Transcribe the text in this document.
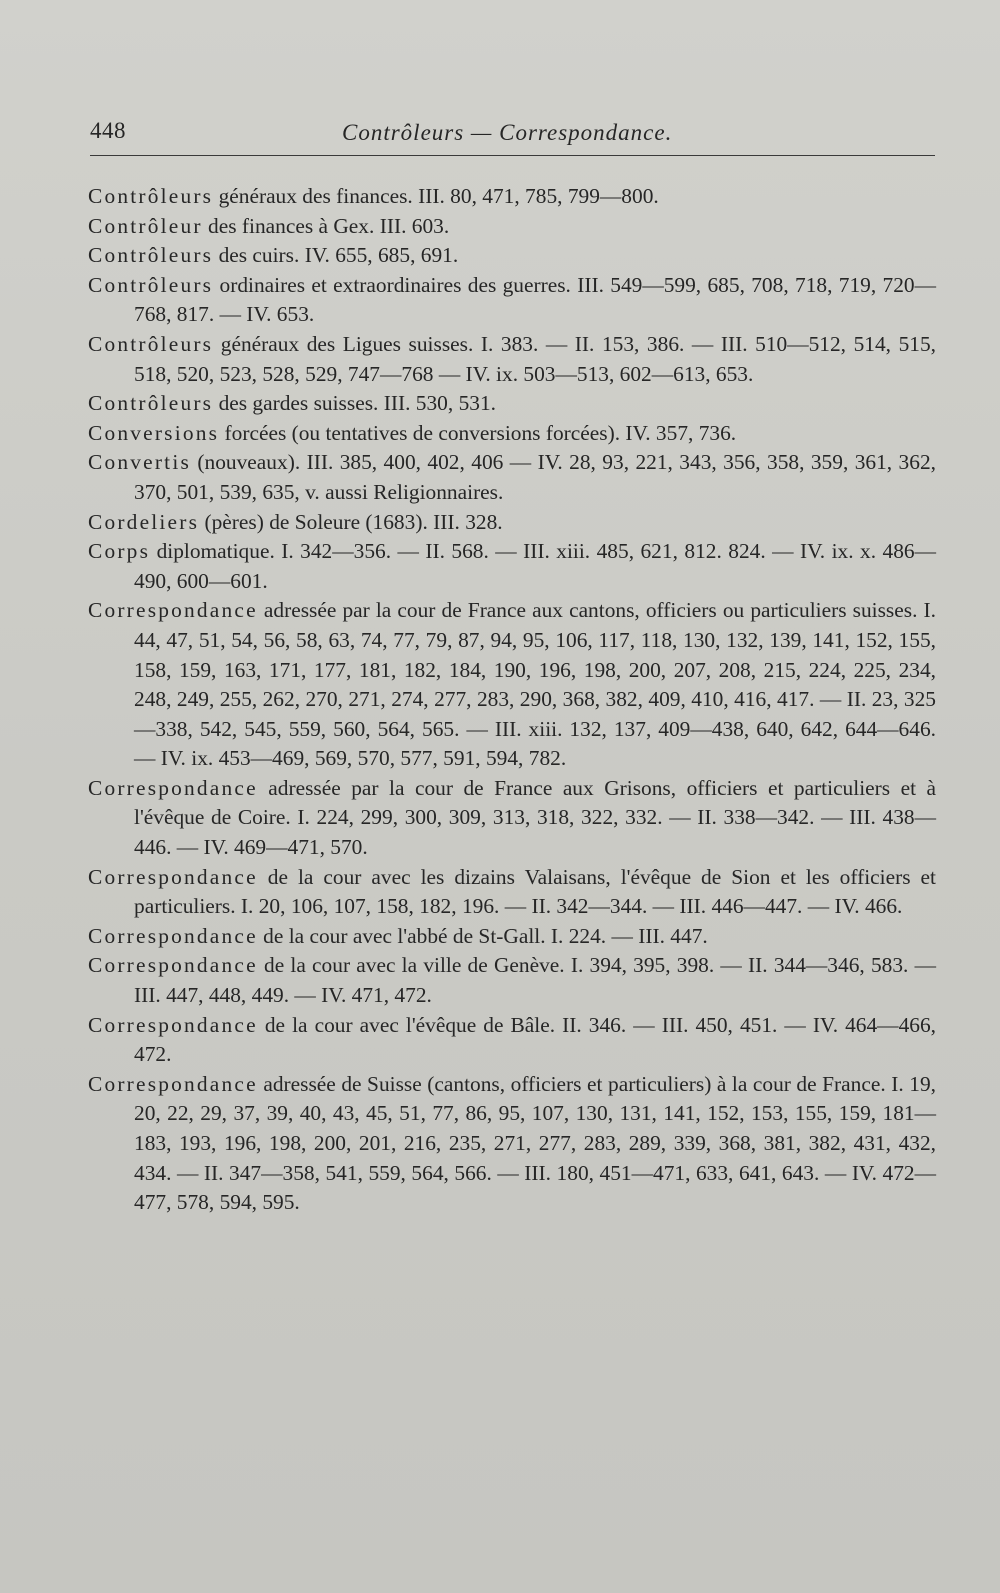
448	Contrôleurs — Correspondance.

Contrôleurs généraux des finances. III. 80, 471, 785, 799—800.

Contrôleur des finances à Gex. III. 603.

Contrôleurs des cuirs. IV. 655, 685, 691.

Contrôleurs ordinaires et extraordinaires des guerres. III. 549—599, 685, 708, 718, 719, 720—768, 817. — IV. 653.

Contrôleurs généraux des Ligues suisses. I. 383. — II. 153, 386. — III. 510—512, 514, 515, 518, 520, 523, 528, 529, 747—768 — IV. ix. 503—513, 602—613, 653.

Contrôleurs des gardes suisses. III. 530, 531.

Conversions forcées (ou tentatives de conversions forcées). IV. 357, 736.

Convertis (nouveaux). III. 385, 400, 402, 406 — IV. 28, 93, 221, 343, 356, 358, 359, 361, 362, 370, 501, 539, 635, v. aussi Religionnaires.

Cordeliers (pères) de Soleure (1683). III. 328.

Corps diplomatique. I. 342—356. — II. 568. — III. xiii. 485, 621, 812. 824. — IV. ix. x. 486—490, 600—601.

Correspondance adressée par la cour de France aux cantons, officiers ou particuliers suisses. I. 44, 47, 51, 54, 56, 58, 63, 74, 77, 79, 87, 94, 95, 106, 117, 118, 130, 132, 139, 141, 152, 155, 158, 159, 163, 171, 177, 181, 182, 184, 190, 196, 198, 200, 207, 208, 215, 224, 225, 234, 248, 249, 255, 262, 270, 271, 274, 277, 283, 290, 368, 382, 409, 410, 416, 417. — II. 23, 325—338, 542, 545, 559, 560, 564, 565. — III. xiii. 132, 137, 409—438, 640, 642, 644—646. — IV. ix. 453—469, 569, 570, 577, 591, 594, 782.

Correspondance adressée par la cour de France aux Grisons, officiers et particuliers et à l'évêque de Coire. I. 224, 299, 300, 309, 313, 318, 322, 332. — II. 338—342. — III. 438—446. — IV. 469—471, 570.

Correspondance de la cour avec les dizains Valaisans, l'évêque de Sion et les officiers et particuliers. I. 20, 106, 107, 158, 182, 196. — II. 342—344. — III. 446—447. — IV. 466.

Correspondance de la cour avec l'abbé de St-Gall. I. 224. — III. 447.

Correspondance de la cour avec la ville de Genève. I. 394, 395, 398. — II. 344—346, 583. — III. 447, 448, 449. — IV. 471, 472.

Correspondance de la cour avec l'évêque de Bâle. II. 346. — III. 450, 451. — IV. 464—466, 472.

Correspondance adressée de Suisse (cantons, officiers et particuliers) à la cour de France. I. 19, 20, 22, 29, 37, 39, 40, 43, 45, 51, 77, 86, 95, 107, 130, 131, 141, 152, 153, 155, 159, 181—183, 193, 196, 198, 200, 201, 216, 235, 271, 277, 283, 289, 339, 368, 381, 382, 431, 432, 434. — II. 347—358, 541, 559, 564, 566. — III. 180, 451—471, 633, 641, 643. — IV. 472—477, 578, 594, 595.
